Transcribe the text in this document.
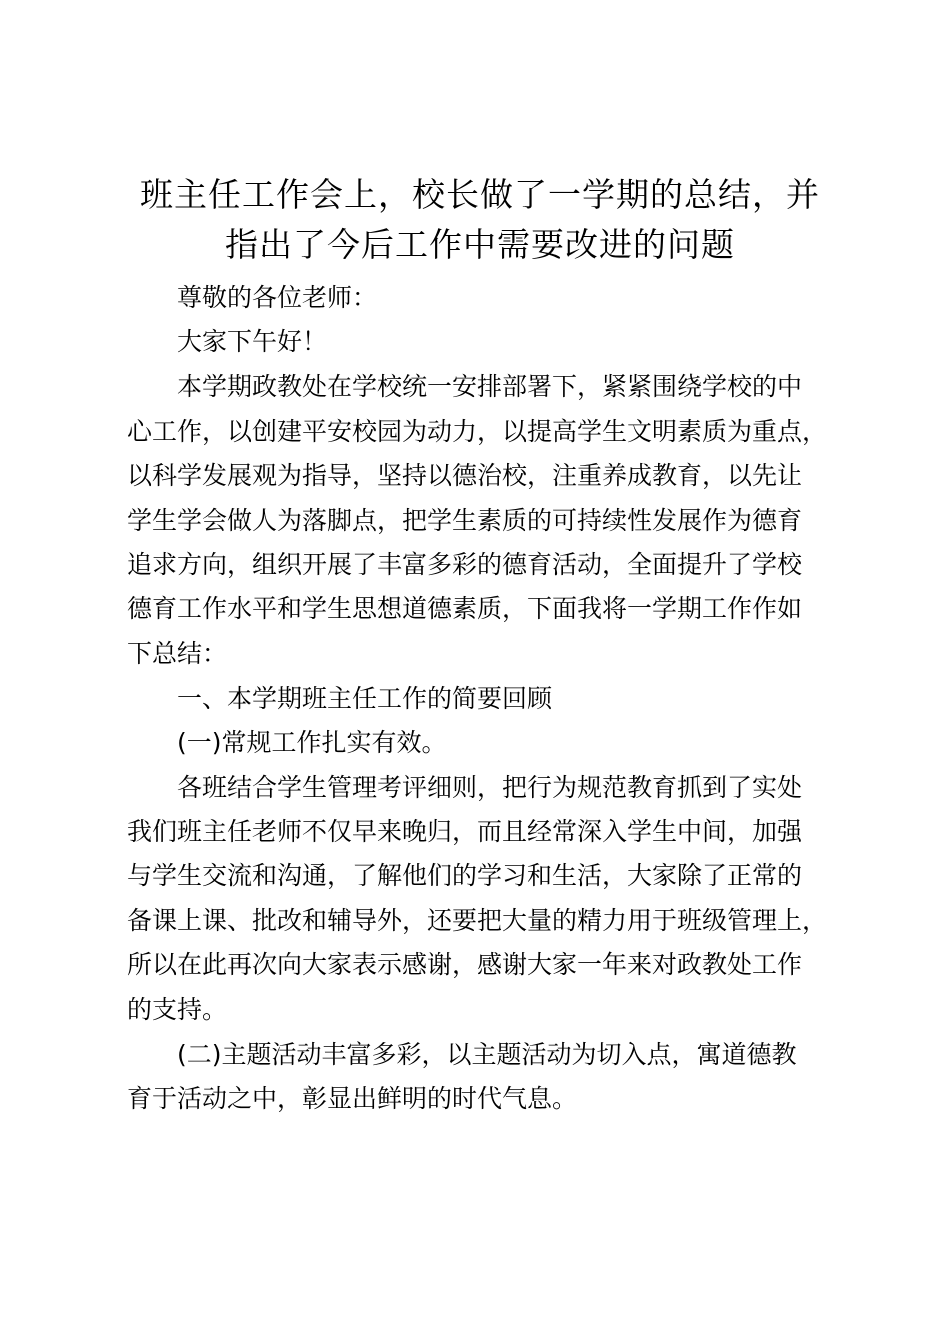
班主任工作会上，校长做了一学期的总结，并
指出了今后工作中需要改进的问题

尊敬的各位老师：

大家下午好！

本学期政教处在学校统一安排部署下，紧紧围绕学校的中

心工作，以创建平安校园为动力，以提高学生文明素质为重点，

以科学发展观为指导，坚持以德治校，注重养成教育，以先让

学生学会做人为落脚点，把学生素质的可持续性发展作为德育

追求方向，组织开展了丰富多彩的德育活动，全面提升了学校

德育工作水平和学生思想道德素质，下面我将一学期工作作如

下总结：

一、本学期班主任工作的简要回顾

(一)常规工作扎实有效。

各班结合学生管理考评细则，把行为规范教育抓到了实处

我们班主任老师不仅早来晚归，而且经常深入学生中间，加强

与学生交流和沟通，了解他们的学习和生活，大家除了正常的

备课上课、批改和辅导外，还要把大量的精力用于班级管理上，

所以在此再次向大家表示感谢，感谢大家一年来对政教处工作

的支持。

(二)主题活动丰富多彩，以主题活动为切入点，寓道德教

育于活动之中，彰显出鲜明的时代气息。
